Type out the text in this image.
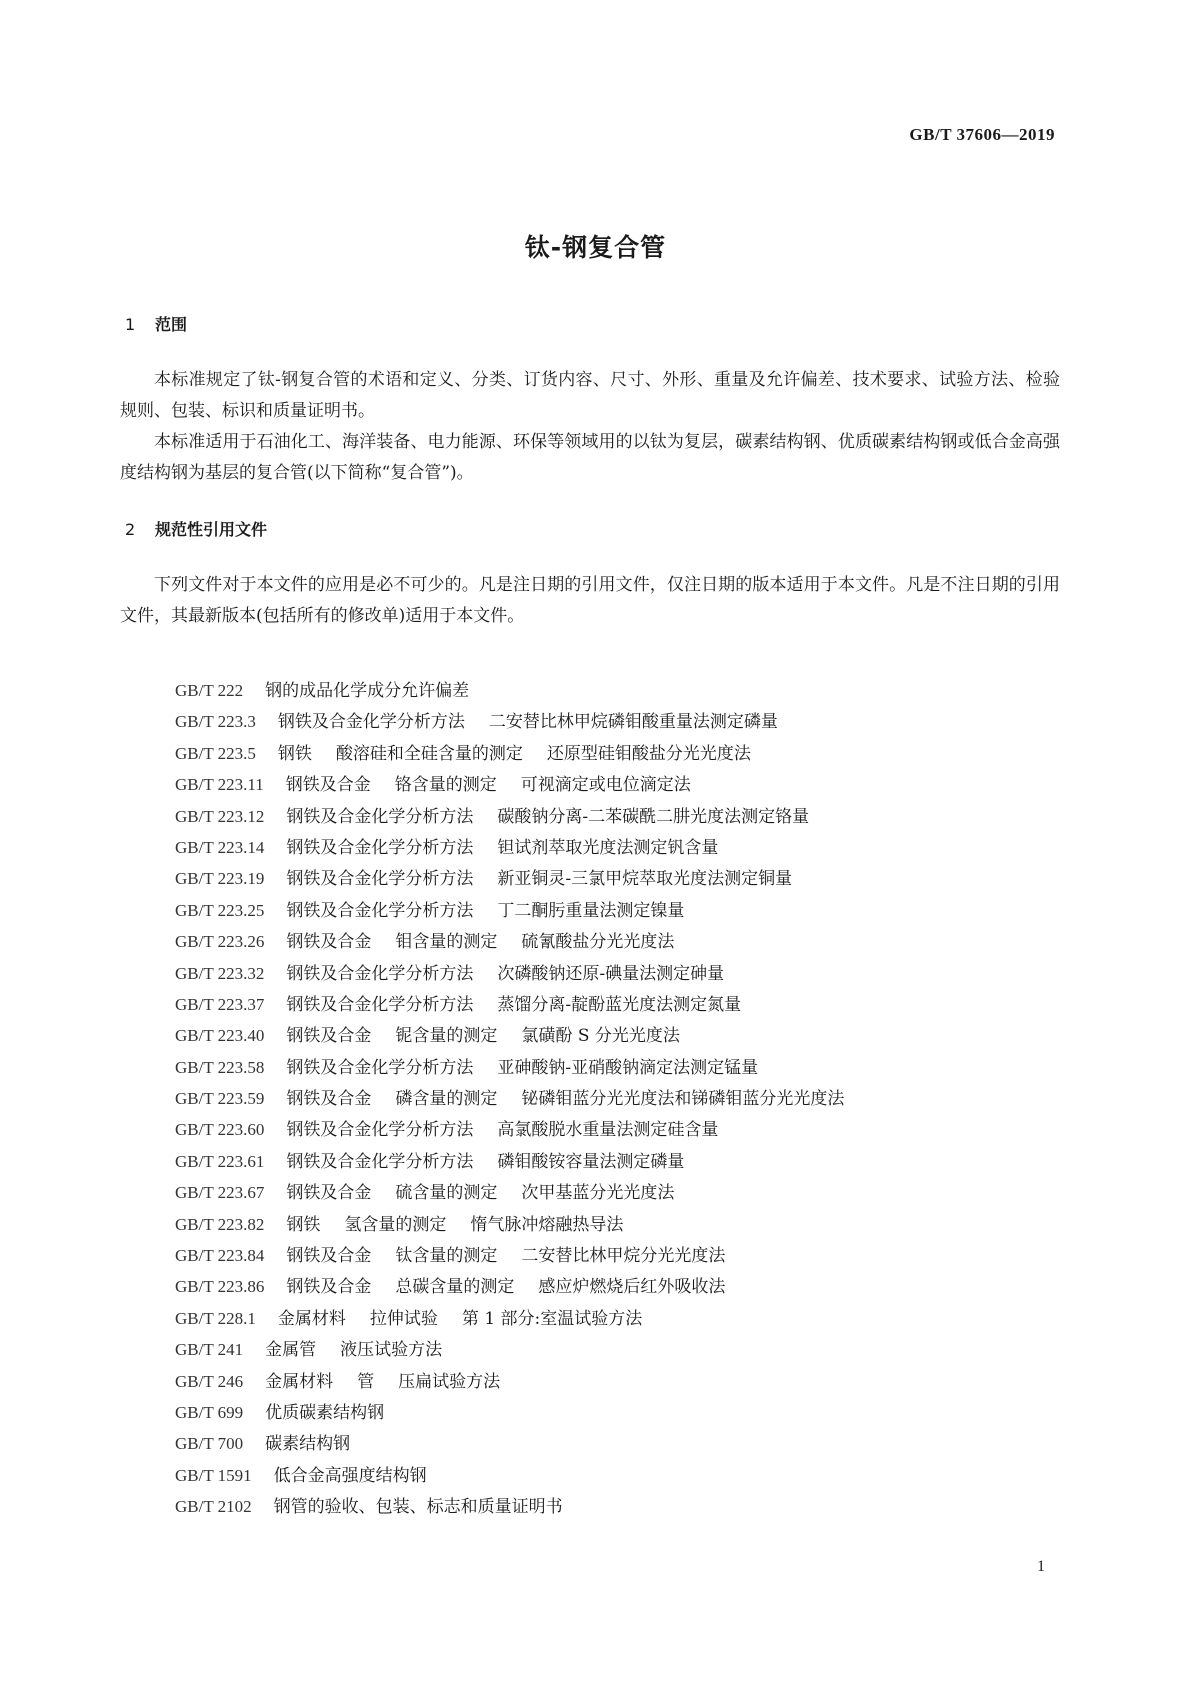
GB/T 37606—2019
钛-钢复合管
1 范围
本标准规定了钛-钢复合管的术语和定义、分类、订货内容、尺寸、外形、重量及允许偏差、技术要求、试验方法、检验规则、包装、标识和质量证明书。
本标准适用于石油化工、海洋装备、电力能源、环保等领域用的以钛为复层，碳素结构钢、优质碳素结构钢或低合金高强度结构钢为基层的复合管(以下简称“复合管”)。
2 规范性引用文件
下列文件对于本文件的应用是必不可少的。凡是注日期的引用文件，仅注日期的版本适用于本文件。凡是不注日期的引用文件，其最新版本(包括所有的修改单)适用于本文件。
GB/T 222 钢的成品化学成分允许偏差
GB/T 223.3 钢铁及合金化学分析方法 二安替比林甲烷磷钼酸重量法测定磷量
GB/T 223.5 钢铁 酸溶硅和全硅含量的测定 还原型硅钼酸盐分光光度法
GB/T 223.11 钢铁及合金 铬含量的测定 可视滴定或电位滴定法
GB/T 223.12 钢铁及合金化学分析方法 碳酸钠分离-二苯碳酰二肼光度法测定铬量
GB/T 223.14 钢铁及合金化学分析方法 钽试剂萃取光度法测定钒含量
GB/T 223.19 钢铁及合金化学分析方法 新亚铜灵-三氯甲烷萃取光度法测定铜量
GB/T 223.25 钢铁及合金化学分析方法 丁二酮肟重量法测定镍量
GB/T 223.26 钢铁及合金 钼含量的测定 硫氰酸盐分光光度法
GB/T 223.32 钢铁及合金化学分析方法 次磷酸钠还原-碘量法测定砷量
GB/T 223.37 钢铁及合金化学分析方法 蒸馏分离-靛酚蓝光度法测定氮量
GB/T 223.40 钢铁及合金 铌含量的测定 氯磺酚 S 分光光度法
GB/T 223.58 钢铁及合金化学分析方法 亚砷酸钠-亚硝酸钠滴定法测定锰量
GB/T 223.59 钢铁及合金 磷含量的测定 铋磷钼蓝分光光度法和锑磷钼蓝分光光度法
GB/T 223.60 钢铁及合金化学分析方法 高氯酸脱水重量法测定硅含量
GB/T 223.61 钢铁及合金化学分析方法 磷钼酸铵容量法测定磷量
GB/T 223.67 钢铁及合金 硫含量的测定 次甲基蓝分光光度法
GB/T 223.82 钢铁 氢含量的测定 惰气脉冲熔融热导法
GB/T 223.84 钢铁及合金 钛含量的测定 二安替比林甲烷分光光度法
GB/T 223.86 钢铁及合金 总碳含量的测定 感应炉燃烧后红外吸收法
GB/T 228.1 金属材料 拉伸试验 第 1 部分:室温试验方法
GB/T 241 金属管 液压试验方法
GB/T 246 金属材料 管 压扁试验方法
GB/T 699 优质碳素结构钢
GB/T 700 碳素结构钢
GB/T 1591 低合金高强度结构钢
GB/T 2102 钢管的验收、包装、标志和质量证明书
1
